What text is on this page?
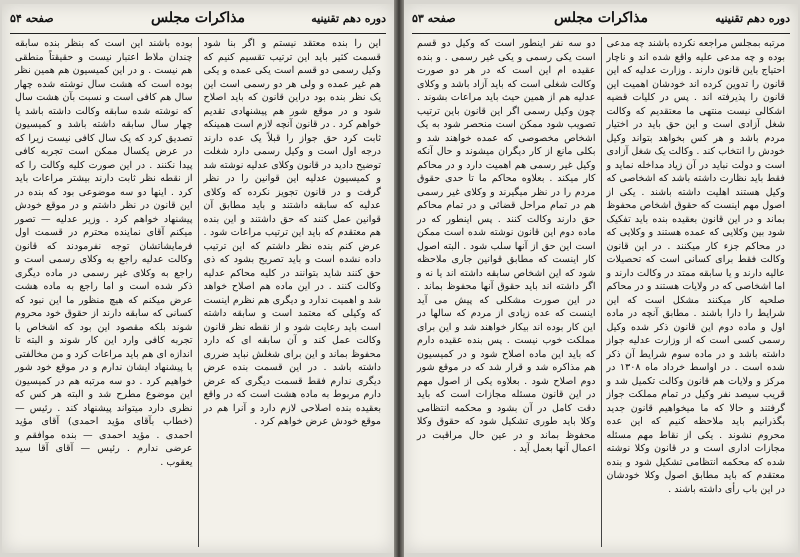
دوره دهم تقنینیه
مذاکرات مجلس
صفحه ۵۴

این را بنده معتقد نیستم و اگر بنا شود قسمت کثیر باید این ترتیب تقسیم کنیم که وکیل رسمی دو قسم است یکی عمده و یکی هم غیر عمده و ولی هر دو رسمی است این یک نظر بنده بود دراین قانون که باید اصلاح شود و در موقع شور هم پیشنهادی تقدیم خواهم کرد . در قانون آنچه لازم است همینکه ثابت کرد حق جواز را قبلاً یک عده دارند درجه اول است و وکیل رسمی دارد شغلت توضیح دادید در قانون وکلای عدلیه نوشته شد و کمیسیون عدلیه این قوانین را در نظر گرفت و در قانون تجویز نکرده که وکلای عدلیه که سابقه داشتند و باید مطابق آن قوانین عمل کنند که حق داشتند و این بنده هم معتقدم که باید این ترتیب مراعات شود . عرض کنم بنده نظر داشتم که این ترتیب داده نشده است و باید تصریح بشود که ذی حق کنند شاید بتوانند در کلیه محاکم عدلیه وکالت کنند . در این ماده هم اصلاح خواهد شد و اهمیت ندارد و دیگری هم نظرم اینست که وکیلی که معتمد است و سابقه داشته است باید رعایت شود و از نقطه نظر قانون وکالت عمل کند و آن سابقه ای که دارد محفوظ بماند و این برای شغلش نباید ضرری داشته باشد . در این قسمت بنده عرض دیگری ندارم فقط قسمت دیگری که عرض دارم مربوط به ماده هشت است که در واقع بعقیده بنده اصلاحی لازم دارد و آنرا هم در موقع خودش عرض خواهم کرد .

بوده باشند این است که بنظر بنده سابقه چندان ملاط اعتبار نیست و حقیقتاً منطقی هم نیست . و در این کمیسیون هم همین نظر بوده است که هشت سال نوشته شده چهار سال هم کافی است و نسبت بآن هشت سال که نوشته شده سابقه وکالت داشته باشد یا چهار سال سابقه داشته باشد و کمیسیون تصدیق کرد که یک سال کافی نیست زیرا که در عرض یکسال ممکن است تجربه کافی پیدا نکنند . در این صورت کلیه وکالت را که از نقطه نظر ثابت دارند بیشتر مراعات باید کرد . اینها دو سه موضوعی بود که بنده در این قانون در نظر داشتم و در موقع خودش پیشنهاد خواهم کرد . وزیر عدلیه — تصور میکنم آقای نماینده محترم در قسمت اول فرمایشاتشان توجه نفرمودند که قانون وکالت عدلیه راجع به وکلای رسمی است و راجع به وکلای غیر رسمی در ماده دیگری ذکر شده است و اما راجع به ماده هشت عرض میکنم که هیچ منظور ما این نبود که کسانی که سابقه دارند از حقوق خود محروم شوند بلکه مقصود این بود که اشخاص با تجربه کافی وارد این کار شوند و البته تا اندازه ای هم باید مراعات کرد و من مخالفتی با پیشنهاد ایشان ندارم و در موقع خود شور خواهیم کرد . دو سه مرتبه هم در کمیسیون این موضوع مطرح شد و البته هر کس که نظری دارد میتواند پیشنهاد کند . رئیس — (خطاب بآقای مؤید احمدی) آقای مؤید احمدی . مؤید احمدی — بنده موافقم و عرضی ندارم . رئیس — آقای آقا سید یعقوب .

دوره دهم تقنینیه
مذاکرات مجلس
صفحه ۵۳

مرتبه بمجلس مراجعه نکرده باشند چه مدعی بوده و چه مدعی علیه واقع شده اند و ناچار احتیاج باین قانون دارند . وزارت عدلیه که این قانون را تدوین کرده اند خودشان اهمیت این قانون را پذیرفته اند . پس در کلیات قضیه اشکالی نیست منتهی ما معتقدیم که وکالت شغل آزادی است و این حق باید در اختیار مردم باشد و هر کس بخواهد بتواند وکیل خودش را انتخاب کند . وکالت یک شغل آزادی است و دولت نباید در آن زیاد مداخله نماید و فقط باید نظارت داشته باشد که اشخاصی که وکیل هستند اهلیت داشته باشند . یکی از اصول مهم اینست که حقوق اشخاص محفوظ بماند و در این قانون بعقیده بنده باید تفکیک شود بین وکلایی که عمده هستند و وکلایی که در محاکم جزء کار میکنند . در این قانون وکالت فقط برای کسانی است که تحصیلات عالیه دارند و یا سابقه ممتد در وکالت دارند و اما اشخاصی که در ولایات هستند و در محاکم صلحیه کار میکنند مشکل است که این شرایط را دارا باشند . مطابق آنچه در ماده اول و ماده دوم این قانون ذکر شده وکیل رسمی کسی است که از وزارت عدلیه جواز داشته باشد و در ماده سوم شرایط آن ذکر شده است . در اواسط خرداد ماه ۱۳۰۸ در مرکز و ولایات هم قانون وکالت تکمیل شد و قریب سیصد نفر وکیل در تمام مملکت جواز گرفتند و حالا که ما میخواهیم قانون جدید بگذرانیم باید ملاحظه کنیم که این عده محروم نشوند . یکی از نقاط مهم مسئله مجازات اداری است و در قانون وکلا نوشته شده که محکمه انتظامی تشکیل شود و بنده معتقدم که باید مطابق اصول وکلا خودشان در این باب رأی داشته باشند .

دو سه نفر اینطور است که وکیل دو قسم است یکی رسمی و یکی غیر رسمی . و بنده عقیده ام این است که در هر دو صورت وکالت شغلی است که باید آزاد باشد و وکلای عدلیه هم از همین حیث باید مراعات بشوند . چون وکیل رسمی اگر این قانون باین ترتیب تصویب شود ممکن است منحصر شود به یک اشخاص مخصوصی که عمده خواهند شد و بکلی مانع از کار دیگران میشوند و حال آنکه وکیل غیر رسمی هم اهمیت دارد و در محاکم کار میکند . بعلاوه محاکم ما تا حدی حقوق مردم را در نظر میگیرند و وکلای غیر رسمی هم در تمام مراحل قضائی و در تمام محاکم حق دارند وکالت کنند . پس اینطور که در ماده دوم این قانون نوشته شده است ممکن است این حق از آنها سلب شود . البته اصول کار اینست که مطابق قوانین جاری ملاحظه شود که این اشخاص سابقه داشته اند یا نه و اگر داشته اند باید حقوق آنها محفوظ بماند . در این صورت مشکلی که پیش می آید اینست که عده زیادی از مردم که سالها در این کار بوده اند بیکار خواهند شد و این برای مملکت خوب نیست . پس بنده عقیده دارم که باید این ماده اصلاح شود و در کمیسیون هم مذاکره شد و قرار شد که در موقع شور دوم اصلاح شود . بعلاوه یکی از اصول مهم در این قانون مسئله مجازات است که باید دقت کامل در آن بشود و محکمه انتظامی وکلا باید طوری تشکیل شود که حقوق وکلا محفوظ بماند و در عین حال مراقبت در اعمال آنها بعمل آید .
